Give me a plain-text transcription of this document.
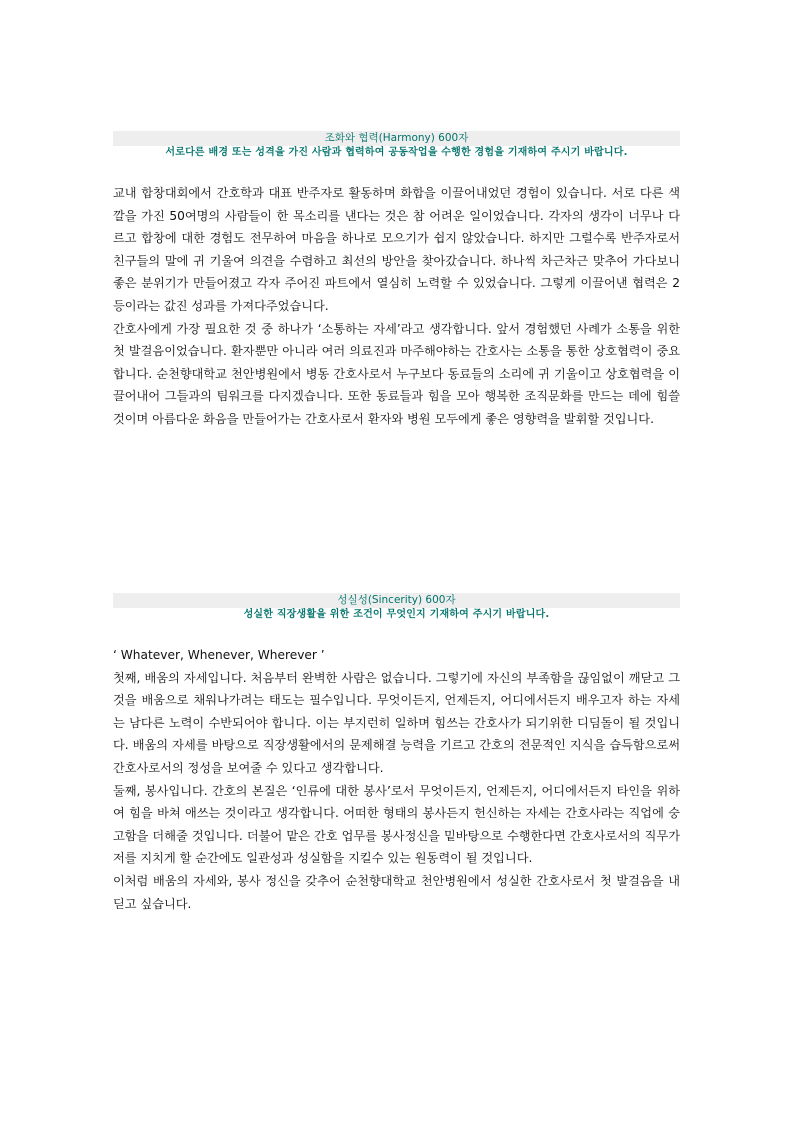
조화와 협력(Harmony) 600자
서로다른 배경 또는 성격을 가진 사람과 협력하여 공동작업을 수행한 경험을 기재하여 주시기 바랍니다.

교내 합창대회에서 간호학과 대표 반주자로 활동하며 화합을 이끌어내었던 경험이 있습니다. 서로 다른 색깔을 가진 50여명의 사람들이 한 목소리를 낸다는 것은 참 어려운 일이었습니다. 각자의 생각이 너무나 다르고 합창에 대한 경험도 전무하여 마음을 하나로 모으기가 쉽지 않았습니다. 하지만 그럴수록 반주자로서 친구들의 말에 귀 기울여 의견을 수렴하고 최선의 방안을 찾아갔습니다. 하나씩 차근차근 맞추어 가다보니 좋은 분위기가 만들어졌고 각자 주어진 파트에서 열심히 노력할 수 있었습니다. 그렇게 이끌어낸 협력은 2등이라는 값진 성과를 가져다주었습니다.

간호사에게 가장 필요한 것 중 하나가 ‘소통하는 자세’라고 생각합니다. 앞서 경험했던 사례가 소통을 위한 첫 발걸음이었습니다. 환자뿐만 아니라 여러 의료진과 마주해야하는 간호사는 소통을 통한 상호협력이 중요합니다. 순천향대학교 천안병원에서 병동 간호사로서 누구보다 동료들의 소리에 귀 기울이고 상호협력을 이끌어내어 그들과의 팀워크를 다지겠습니다. 또한 동료들과 힘을 모아 행복한 조직문화를 만드는 데에 힘쓸 것이며 아름다운 화음을 만들어가는 간호사로서 환자와 병원 모두에게 좋은 영향력을 발휘할 것입니다.

성실성(Sincerity) 600자
성실한 직장생활을 위한 조건이 무엇인지 기재하여 주시기 바랍니다.

‘ Whatever, Whenever, Wherever ’

첫째, 배움의 자세입니다. 처음부터 완벽한 사람은 없습니다. 그렇기에 자신의 부족함을 끊임없이 깨닫고 그것을 배움으로 채워나가려는 태도는 필수입니다. 무엇이든지, 언제든지, 어디에서든지 배우고자 하는 자세는 남다른 노력이 수반되어야 합니다. 이는 부지런히 일하며 힘쓰는 간호사가 되기위한 디딤돌이 될 것입니다. 배움의 자세를 바탕으로 직장생활에서의 문제해결 능력을 기르고 간호의 전문적인 지식을 습득함으로써 간호사로서의 정성을 보여줄 수 있다고 생각합니다.

둘째, 봉사입니다. 간호의 본질은 ‘인류에 대한 봉사’로서 무엇이든지, 언제든지, 어디에서든지 타인을 위하여 힘을 바쳐 애쓰는 것이라고 생각합니다. 어떠한 형태의 봉사든지 헌신하는 자세는 간호사라는 직업에 숭고함을 더해줄 것입니다. 더불어 맡은 간호 업무를 봉사정신을 밑바탕으로 수행한다면 간호사로서의 직무가 저를 지치게 할 순간에도 일관성과 성실함을 지킬수 있는 원동력이 될 것입니다.

이처럼 배움의 자세와, 봉사 정신을 갖추어 순천향대학교 천안병원에서 성실한 간호사로서 첫 발걸음을 내딛고 싶습니다.
